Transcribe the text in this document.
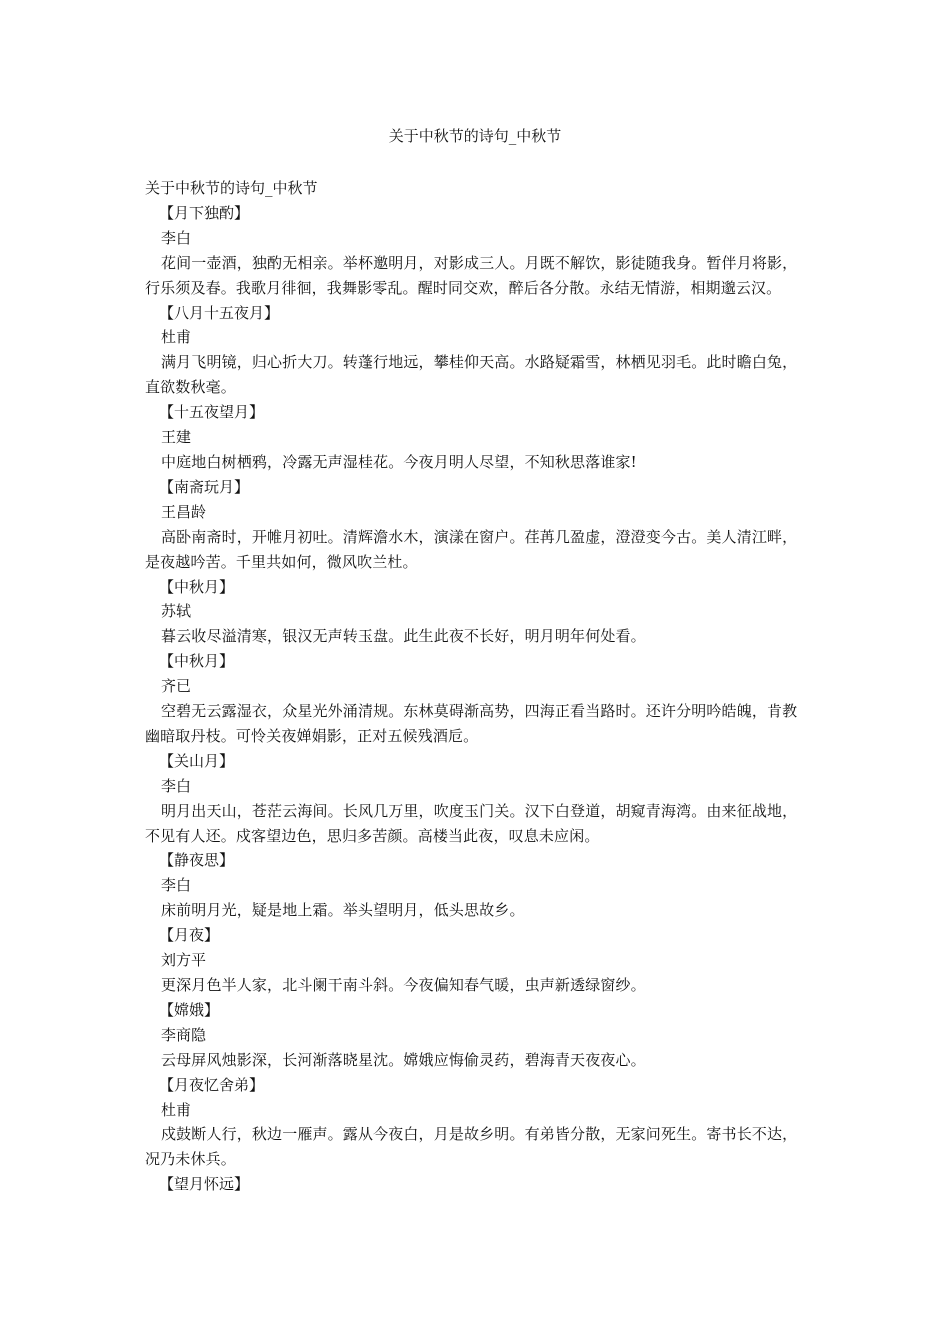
关于中秋节的诗句_中秋节

关于中秋节的诗句_中秋节

【月下独酌】

李白

花间一壶酒，独酌无相亲。举杯邀明月，对影成三人。月既不解饮，影徒随我身。暂伴月将影，行乐须及春。我歌月徘徊，我舞影零乱。醒时同交欢，醉后各分散。永结无情游，相期邈云汉。

【八月十五夜月】

杜甫

满月飞明镜，归心折大刀。转蓬行地远，攀桂仰天高。水路疑霜雪，林栖见羽毛。此时瞻白兔，直欲数秋毫。

【十五夜望月】

王建

中庭地白树栖鸦，冷露无声湿桂花。今夜月明人尽望，不知秋思落谁家!

【南斋玩月】

王昌龄

高卧南斋时，开帷月初吐。清辉澹水木，演漾在窗户。荏苒几盈虚，澄澄变今古。美人清江畔，是夜越吟苦。千里共如何，微风吹兰杜。

【中秋月】

苏轼

暮云收尽溢清寒，银汉无声转玉盘。此生此夜不长好，明月明年何处看。

【中秋月】

齐已

空碧无云露湿衣，众星光外涌清规。东林莫碍渐高势，四海正看当路时。还许分明吟皓魄，肯教幽暗取丹枝。可怜关夜婵娟影，正对五候残酒卮。

【关山月】

李白

明月出天山，苍茫云海间。长风几万里，吹度玉门关。汉下白登道，胡窥青海湾。由来征战地，不见有人还。戍客望边色，思归多苦颜。高楼当此夜，叹息未应闲。

【静夜思】

李白

床前明月光，疑是地上霜。举头望明月，低头思故乡。

【月夜】

刘方平

更深月色半人家，北斗阑干南斗斜。今夜偏知春气暖，虫声新透绿窗纱。

【嫦娥】

李商隐

云母屏风烛影深，长河渐落晓星沈。嫦娥应悔偷灵药，碧海青天夜夜心。

【月夜忆舍弟】

杜甫

戍鼓断人行，秋边一雁声。露从今夜白，月是故乡明。有弟皆分散，无家问死生。寄书长不达，况乃未休兵。

【望月怀远】
